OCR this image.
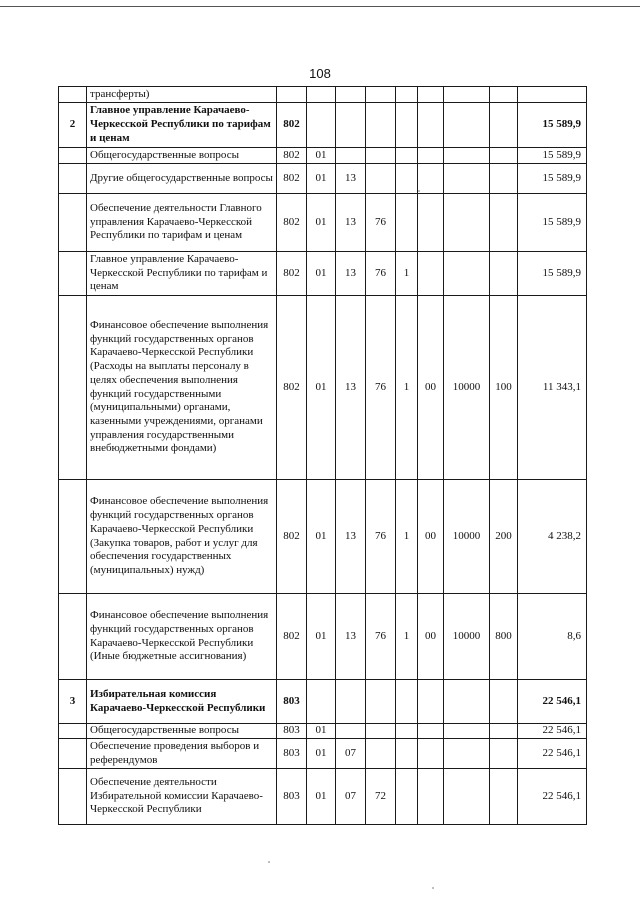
108
	трансферты)									
2	Главное управление Карачаево-Черкесской Республики по тарифам и ценам	802								15 589,9
	Общегосударственные вопросы	802	01							15 589,9
	Другие общегосударственные вопросы	802	01	13						15 589,9
	Обеспечение деятельности Главного управления Карачаево-Черкесской Республики по тарифам и ценам	802	01	13	76					15 589,9
	Главное управление Карачаево-Черкесской Республики по тарифам и ценам	802	01	13	76	1				15 589,9
	Финансовое обеспечение выполнения функций государственных органов Карачаево-Черкесской Республики (Расходы на выплаты персоналу в целях обеспечения выполнения функций государственными (муниципальными) органами, казенными учреждениями, органами управления государственными внебюджетными фондами)	802	01	13	76	1	00	10000	100	11 343,1
	Финансовое обеспечение выполнения функций государственных органов Карачаево-Черкесской Республики (Закупка товаров, работ и услуг для обеспечения государственных (муниципальных) нужд)	802	01	13	76	1	00	10000	200	4 238,2
	Финансовое обеспечение выполнения функций государственных органов Карачаево-Черкесской Республики (Иные бюджетные ассигнования)	802	01	13	76	1	00	10000	800	8,6
3	Избирательная комиссия Карачаево-Черкесской Республики	803								22 546,1
	Общегосударственные вопросы	803	01							22 546,1
	Обеспечение проведения выборов и референдумов	803	01	07						22 546,1
	Обеспечение деятельности Избирательной комиссии Карачаево-Черкесской Республики	803	01	07	72					22 546,1
